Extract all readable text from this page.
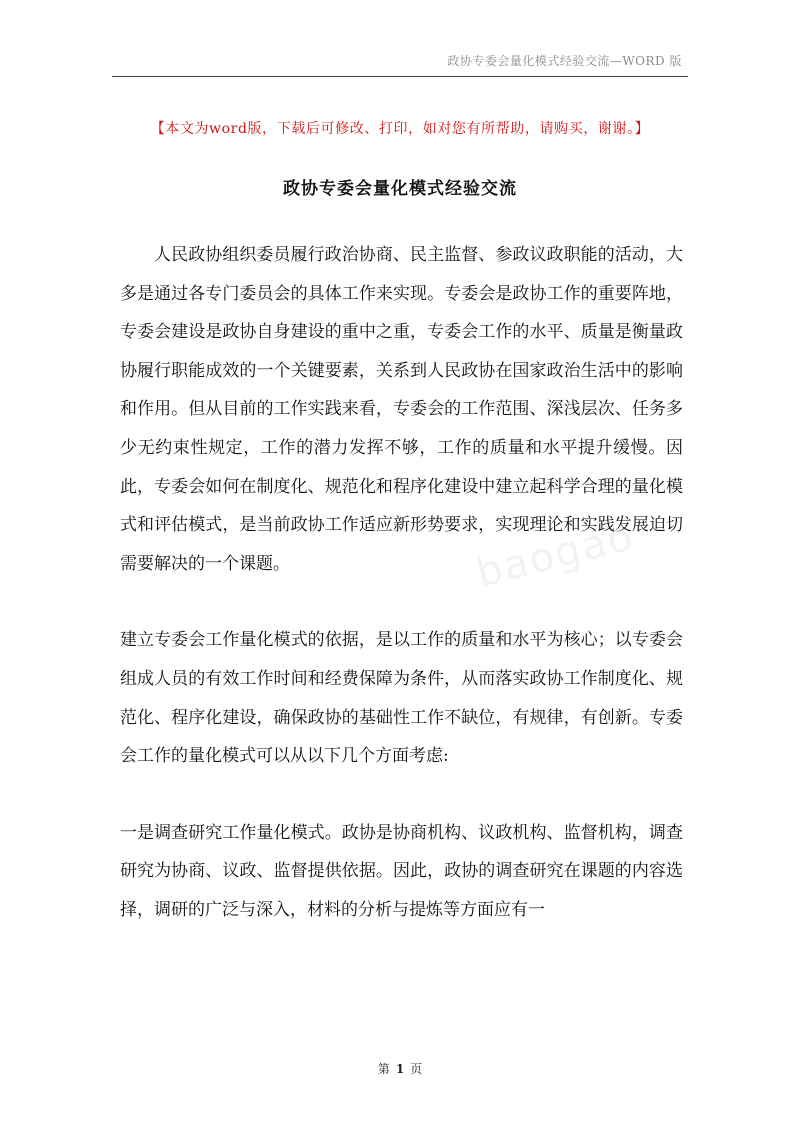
政协专委会量化模式经验交流—WORD 版
【本文为word版，下载后可修改、打印，如对您有所帮助，请购买，谢谢。】
政协专委会量化模式经验交流
baogao

人民政协组织委员履行政治协商、民主监督、参政议政职能的活动，大多是通过各专门委员会的具体工作来实现。专委会是政协工作的重要阵地，专委会建设是政协自身建设的重中之重，专委会工作的水平、质量是衡量政协履行职能成效的一个关键要素，关系到人民政协在国家政治生活中的影响和作用。但从目前的工作实践来看，专委会的工作范围、深浅层次、任务多少无约束性规定，工作的潜力发挥不够，工作的质量和水平提升缓慢。因此，专委会如何在制度化、规范化和程序化建设中建立起科学合理的量化模式和评估模式，是当前政协工作适应新形势要求，实现理论和实践发展迫切需要解决的一个课题。

建立专委会工作量化模式的依据，是以工作的质量和水平为核心；以专委会组成人员的有效工作时间和经费保障为条件，从而落实政协工作制度化、规范化、程序化建设，确保政协的基础性工作不缺位，有规律，有创新。专委会工作的量化模式可以从以下几个方面考虑:

一是调查研究工作量化模式。政协是协商机构、议政机构、监督机构，调查研究为协商、议政、监督提供依据。因此，政协的调查研究在课题的内容选择，调研的广泛与深入，材料的分析与提炼等方面应有一

第 1 页
